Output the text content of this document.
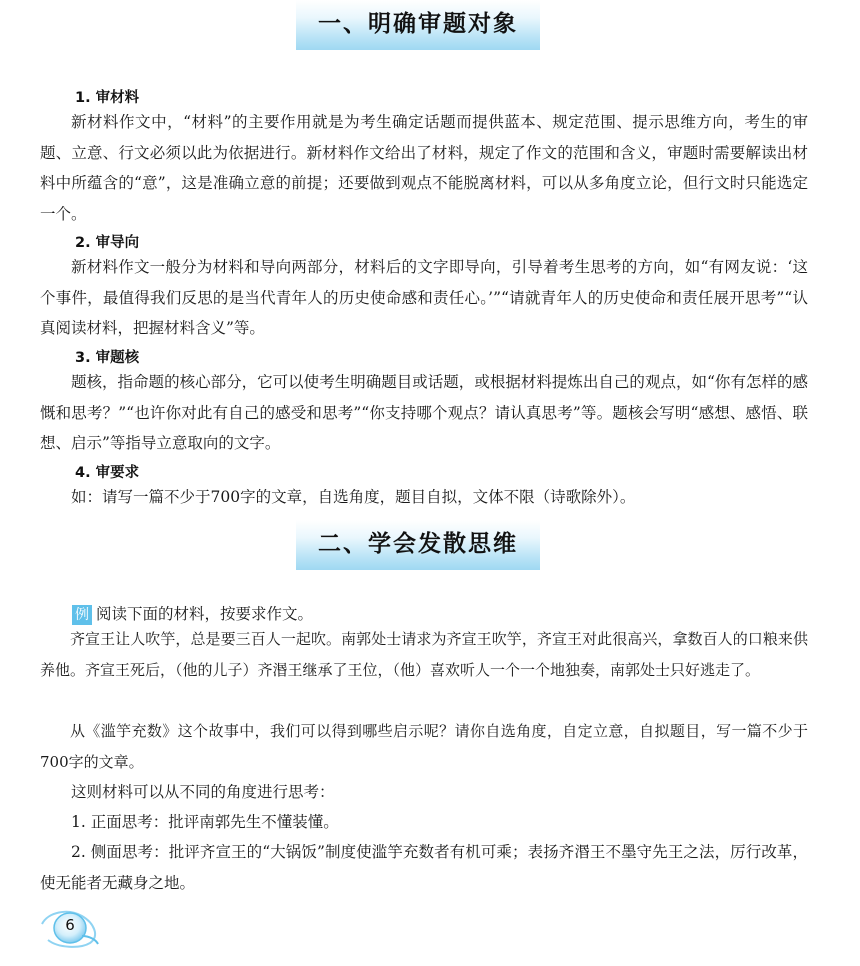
一、明确审题对象
1. 审材料

新材料作文中，“材料”的主要作用就是为考生确定话题而提供蓝本、规定范围、提示思维方向，考生的审题、立意、行文必须以此为依据进行。新材料作文给出了材料，规定了作文的范围和含义，审题时需要解读出材料中所蕴含的“意”，这是准确立意的前提；还要做到观点不能脱离材料，可以从多角度立论，但行文时只能选定一个。

2. 审导向

新材料作文一般分为材料和导向两部分，材料后的文字即导向，引导着考生思考的方向，如“有网友说：‘这个事件，最值得我们反思的是当代青年人的历史使命感和责任心。’”“请就青年人的历史使命和责任展开思考”“认真阅读材料，把握材料含义”等。

3. 审题核

题核，指命题的核心部分，它可以使考生明确题目或话题，或根据材料提炼出自己的观点，如“你有怎样的感慨和思考？”“也许你对此有自己的感受和思考”“你支持哪个观点？请认真思考”等。题核会写明“感想、感悟、联想、启示”等指导立意取向的文字。

4. 审要求

如：请写一篇不少于700字的文章，自选角度，题目自拟，文体不限（诗歌除外）。

二、学会发散思维

例 阅读下面的材料，按要求作文。

齐宣王让人吹竽，总是要三百人一起吹。南郭处士请求为齐宣王吹竽，齐宣王对此很高兴，拿数百人的口粮来供养他。齐宣王死后，（他的儿子）齐湣王继承了王位，（他）喜欢听人一个一个地独奏，南郭处士只好逃走了。

从《滥竽充数》这个故事中，我们可以得到哪些启示呢？请你自选角度，自定立意，自拟题目，写一篇不少于700字的文章。

这则材料可以从不同的角度进行思考：

1. 正面思考：批评南郭先生不懂装懂。

2. 侧面思考：批评齐宣王的“大锅饭”制度使滥竽充数者有机可乘；表扬齐湣王不墨守先王之法，厉行改革，使无能者无藏身之地。

6
